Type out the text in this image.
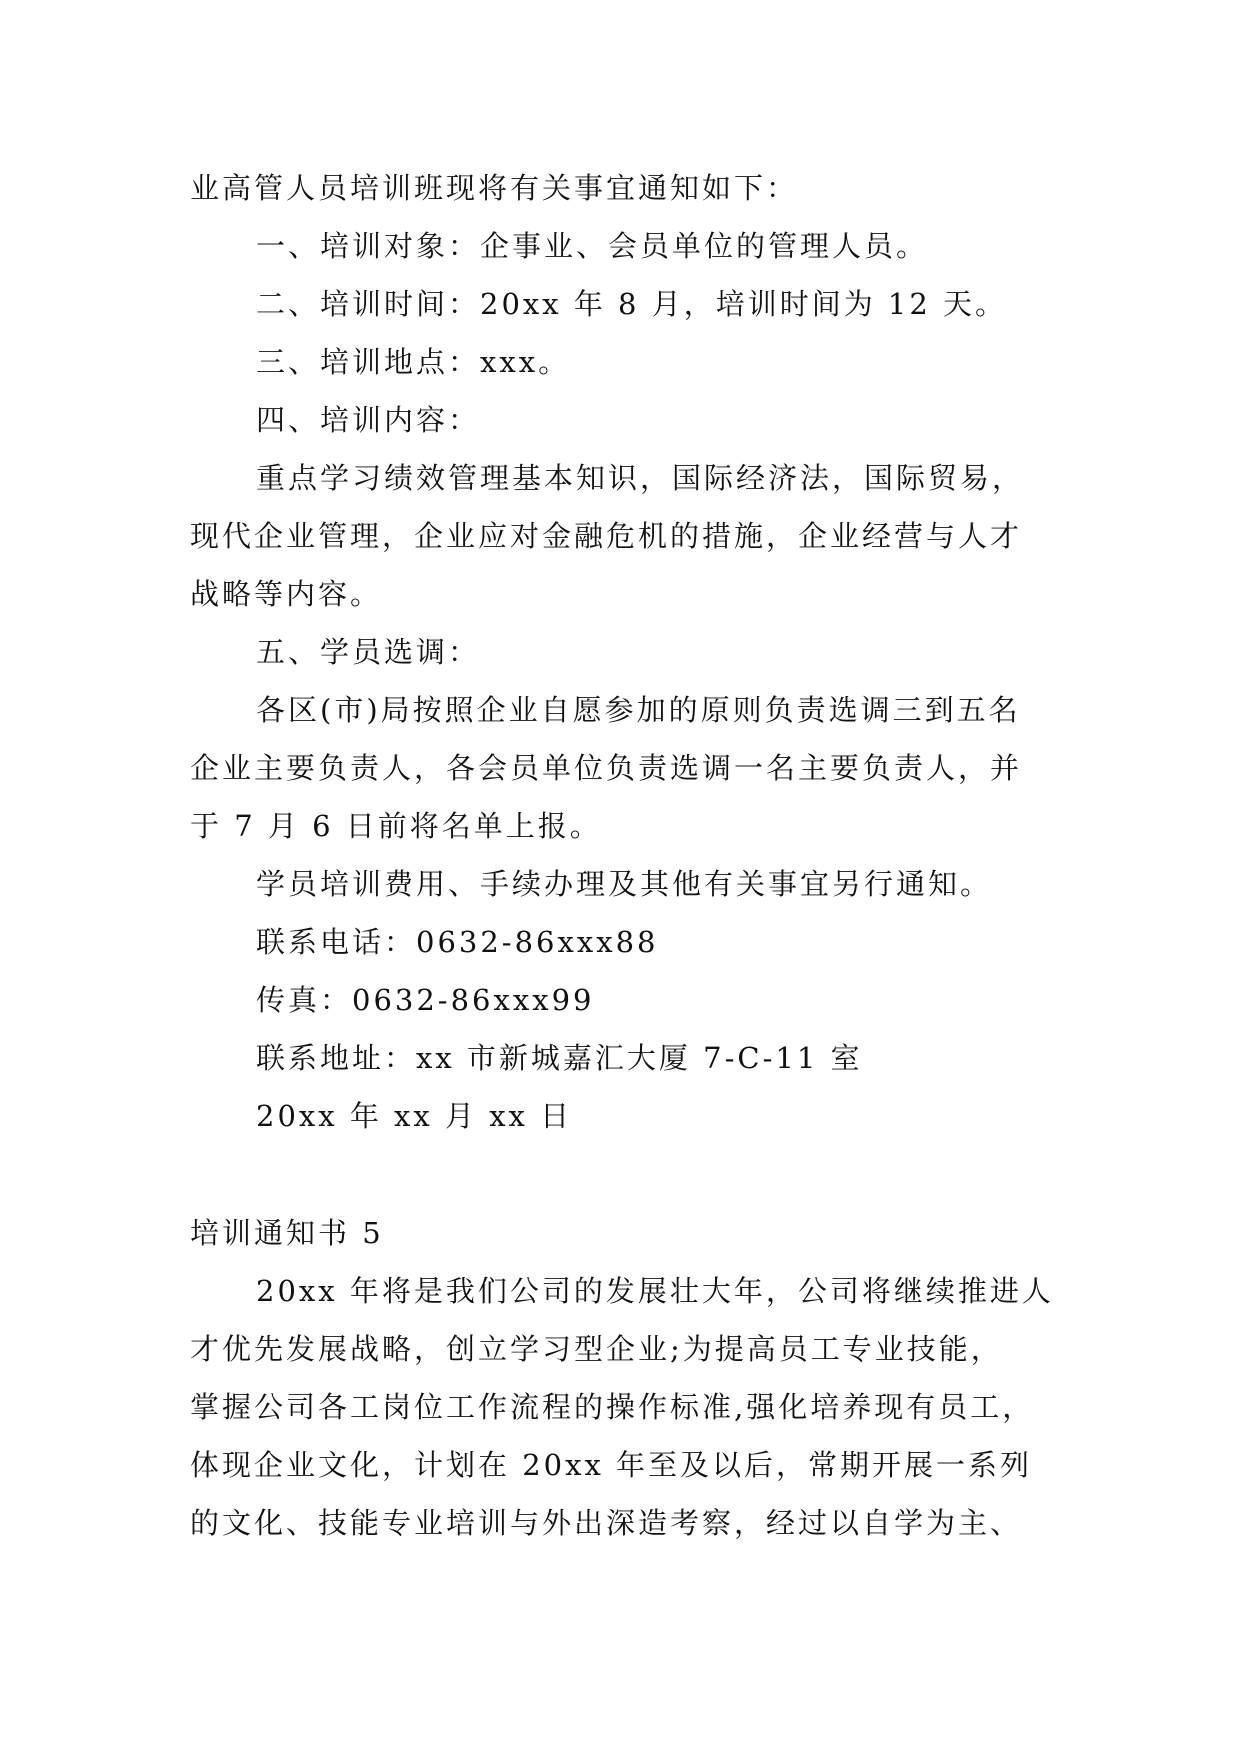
业高管人员培训班现将有关事宜通知如下：
一、培训对象：企事业、会员单位的管理人员。
二、培训时间：20xx 年 8 月，培训时间为 12 天。
三、培训地点：xxx。
四、培训内容：
重点学习绩效管理基本知识，国际经济法，国际贸易，
现代企业管理，企业应对金融危机的措施，企业经营与人才
战略等内容。
五、学员选调：
各区(市)局按照企业自愿参加的原则负责选调三到五名
企业主要负责人，各会员单位负责选调一名主要负责人，并
于 7 月 6 日前将名单上报。
学员培训费用、手续办理及其他有关事宜另行通知。
联系电话：0632-86xxx88
传真：0632-86xxx99
联系地址：xx 市新城嘉汇大厦 7-C-11 室
20xx 年 xx 月 xx 日
培训通知书 5
20xx 年将是我们公司的发展壮大年，公司将继续推进人
才优先发展战略，创立学习型企业;为提高员工专业技能，
掌握公司各工岗位工作流程的操作标准,强化培养现有员工，
体现企业文化，计划在 20xx 年至及以后，常期开展一系列
的文化、技能专业培训与外出深造考察，经过以自学为主、
